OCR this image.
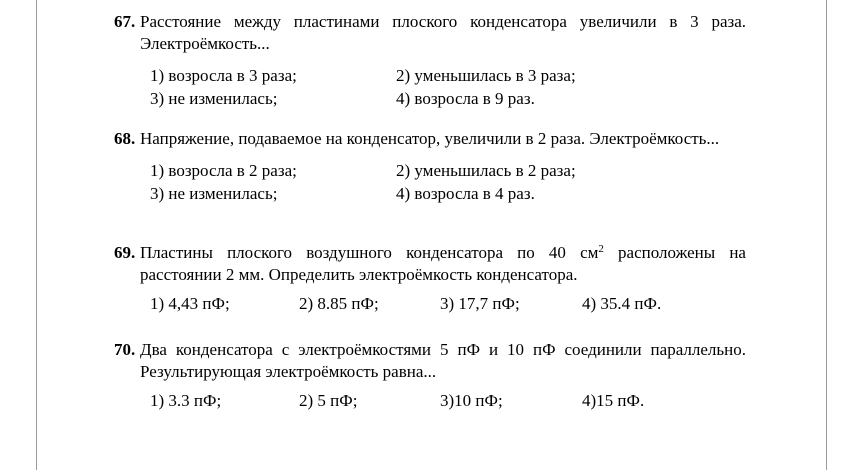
67. Расстояние между пластинами плоского конденсатора увеличили в 3 раза. Электроёмкость...
1) возросла в 3 раза;	2) уменьшилась в 3 раза;
3) не изменилась;	4) возросла в 9 раз.
68. Напряжение, подаваемое на конденсатор, увеличили в 2 раза. Электроёмкость...
1) возросла в 2 раза;	2) уменьшилась в 2 раза;
3) не изменилась;	4) возросла в 4 раз.
69. Пластины плоского воздушного конденсатора по 40 $см^2$ расположены на расстоянии 2 мм. Определить электроёмкость конденсатора.
1) 4,43 пФ;	2) 8.85 пФ;	3) 17,7 пФ;	4) 35.4 пФ.
70. Два конденсатора с электроёмкостями 5 пФ и 10 пФ соединили параллельно. Результирующая электроёмкость равна...
1) 3.3 пФ;	2) 5 пФ;	3)10 пФ;	4)15 пФ.
